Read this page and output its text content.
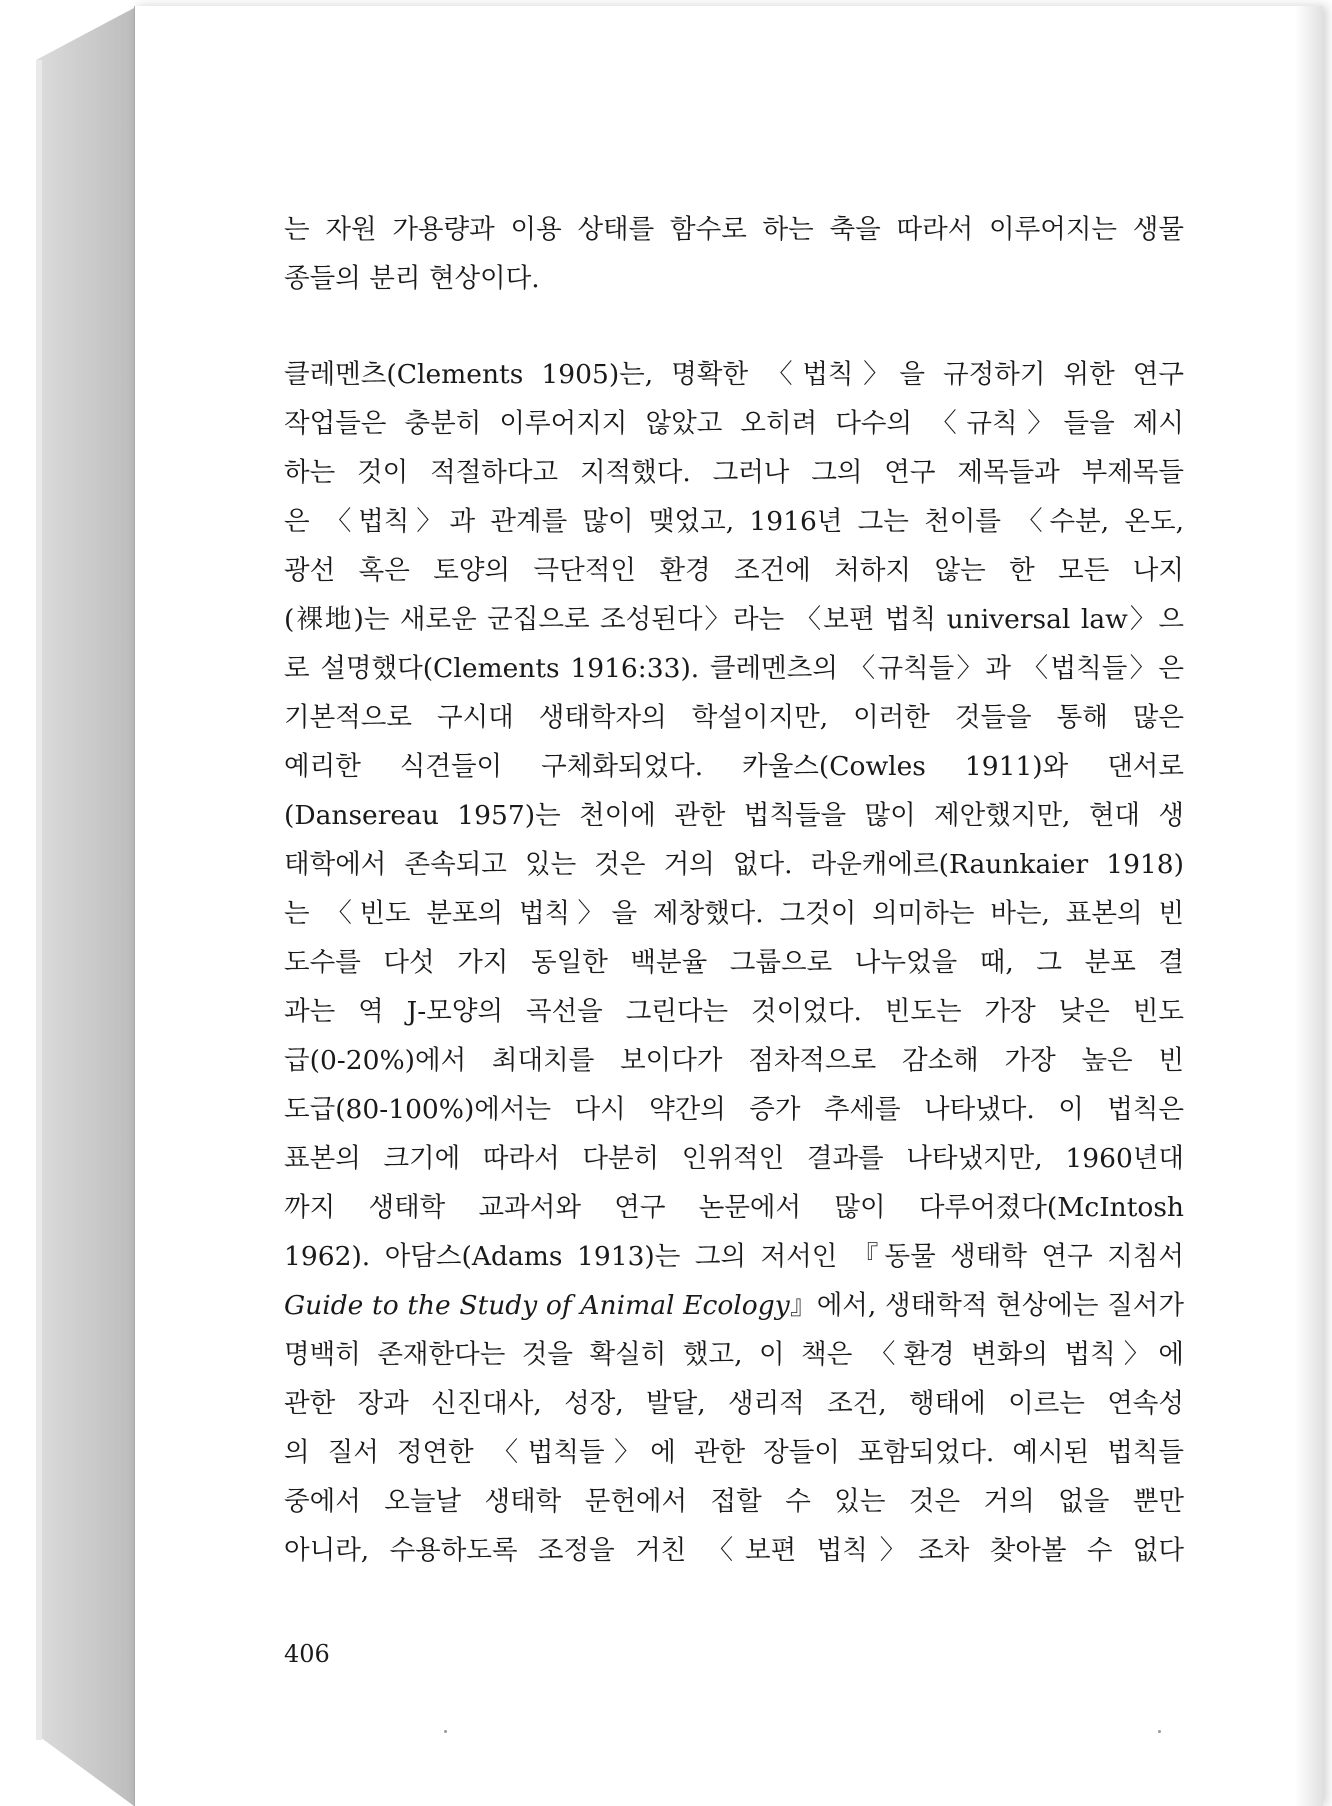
는 자원 가용량과 이용 상태를 함수로 하는 축을 따라서 이루어지는 생물
종들의 분리 현상이다.
클레멘츠(Clements 1905)는, 명확한 〈법칙〉을 규정하기 위한 연구
작업들은 충분히 이루어지지 않았고 오히려 다수의 〈규칙〉들을 제시
하는 것이 적절하다고 지적했다. 그러나 그의 연구 제목들과 부제목들
은 〈법칙〉과 관계를 많이 맺었고, 1916년 그는 천이를 〈수분, 온도,
광선 혹은 토양의 극단적인 환경 조건에 처하지 않는 한 모든 나지
(裸地)는 새로운 군집으로 조성된다〉라는 〈보편 법칙 universal law〉으
로 설명했다(Clements 1916:33). 클레멘츠의 〈규칙들〉과 〈법칙들〉은
기본적으로 구시대 생태학자의 학설이지만, 이러한 것들을 통해 많은
예리한 식견들이 구체화되었다. 카울스(Cowles 1911)와 댄서로
(Dansereau 1957)는 천이에 관한 법칙들을 많이 제안했지만, 현대 생
태학에서 존속되고 있는 것은 거의 없다. 라운캐에르(Raunkaier 1918)
는 〈빈도 분포의 법칙〉을 제창했다. 그것이 의미하는 바는, 표본의 빈
도수를 다섯 가지 동일한 백분율 그룹으로 나누었을 때, 그 분포 결
과는 역 J-모양의 곡선을 그린다는 것이었다. 빈도는 가장 낮은 빈도
급(0-20%)에서 최대치를 보이다가 점차적으로 감소해 가장 높은 빈
도급(80-100%)에서는 다시 약간의 증가 추세를 나타냈다. 이 법칙은
표본의 크기에 따라서 다분히 인위적인 결과를 나타냈지만, 1960년대
까지 생태학 교과서와 연구 논문에서 많이 다루어졌다(McIntosh
1962). 아담스(Adams 1913)는 그의 저서인 『동물 생태학 연구 지침서
Guide to the Study of Animal Ecology』에서, 생태학적 현상에는 질서가
명백히 존재한다는 것을 확실히 했고, 이 책은 〈환경 변화의 법칙〉에
관한 장과 신진대사, 성장, 발달, 생리적 조건, 행태에 이르는 연속성
의 질서 정연한 〈법칙들〉에 관한 장들이 포함되었다. 예시된 법칙들
중에서 오늘날 생태학 문헌에서 접할 수 있는 것은 거의 없을 뿐만
아니라, 수용하도록 조정을 거친 〈보편 법칙〉조차 찾아볼 수 없다
406
